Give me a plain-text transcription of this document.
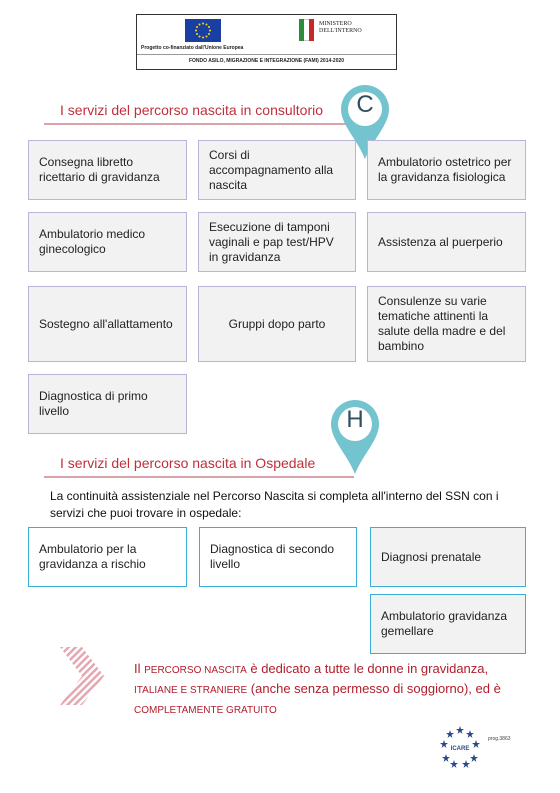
Progetto co-finanziato dall'Unione Europea
MINISTERO
DELL'INTERNO
FONDO ASILO, MIGRAZIONE E INTEGRAZIONE (FAMI) 2014-2020
I servizi del percorso nascita in consultorio	C
Consegna libretto ricettario di gravidanza
Corsi di accompagnamento alla nascita
Ambulatorio ostetrico per la gravidanza fisiologica
Ambulatorio medico ginecologico
Esecuzione di tamponi vaginali e pap test/HPV in gravidanza
Assistenza al puerperio
Sostegno all'allattamento	Gruppi dopo parto
Consulenze su varie tematiche attinenti la salute della madre e del bambino
Diagnostica di primo livello	H
I servizi del percorso nascita in Ospedale
La continuità assistenziale nel Percorso Nascita si completa all'interno del SSN con i servizi che puoi trovare in ospedale:
Ambulatorio per la gravidanza a rischio
Diagnostica di secondo livello
Diagnosi prenatale
Ambulatorio gravidanza gemellare
Il PERCORSO NASCITA è dedicato a tutte le donne in gravidanza, ITALIANE E STRANIERE (anche senza permesso di soggiorno), ed è COMPLETAMENTE GRATUITO
ICARE
prog.3863
